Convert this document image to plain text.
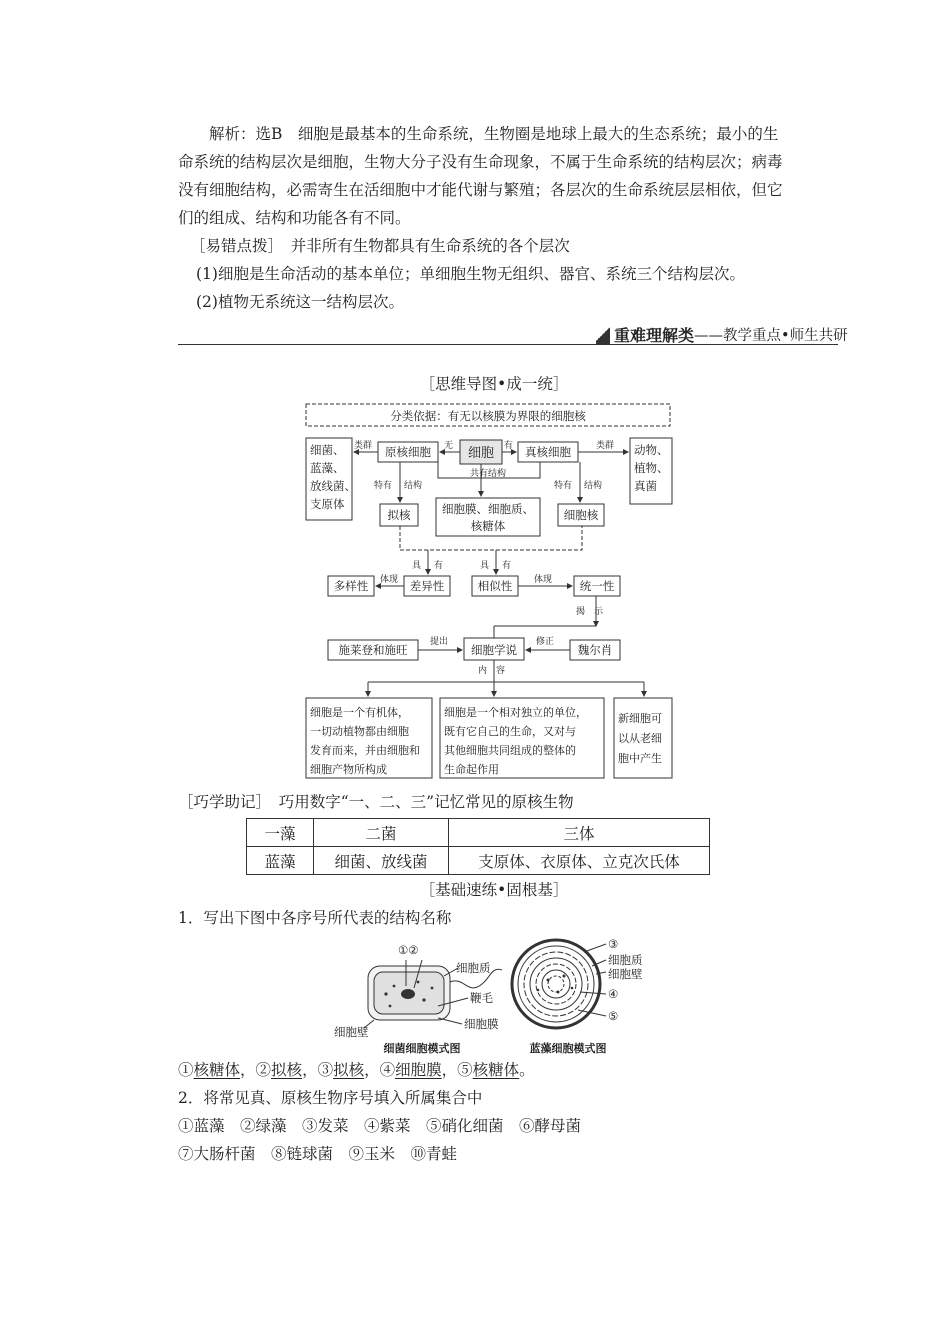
　　解析：选B　细胞是最基本的生命系统，生物圈是地球上最大的生态系统；最小的生

命系统的结构层次是细胞，生物大分子没有生命现象，不属于生命系统的结构层次；病毒

没有细胞结构，必需寄生在活细胞中才能代谢与繁殖；各层次的生命系统层层相依，但它

们的组成、结构和功能各有不同。

［易错点拨］　并非所有生物都具有生命系统的各个层次

(1)细胞是生命活动的基本单位；单细胞生物无组织、器官、系统三个结构层次。

(2)植物无系统这一结构层次。

重难理解类 ——教学重点•师生共研
［思维导图•成一统］
分类依据：有无以核膜为界限的细胞核
细菌、
蓝藻、
放线菌、
支原体
类群 原核细胞 无 细胞 有 真核细胞	类群 动物、
植物、
真菌
共有结构
特有 结构	特有 结构
拟核	细胞膜、细胞质、
核糖体
细胞核
具 有	具 有
多样性 体现 差异性	相似性 体现 统一性
揭　示
施莱登和施旺
提出
细胞学说
修正
魏尔肖
内　容
细胞是一个有机体，
一切动植物都由细胞
发育而来，并由细胞和
细胞产物所构成
细胞是一个相对独立的单位，
既有它自己的生命，又对与
其他细胞共同组成的整体的
生命起作用
新细胞可
以从老细
胞中产生

［巧学助记］　巧用数字“一、二、三”记忆常见的原核生物

一藻	二菌	三体
蓝藻	细菌、放线菌	支原体、衣原体、立克次氏体
［基础速练•固根基］

1．写出下图中各序号所代表的结构名称

①②
细胞质
鞭毛
细胞膜
细胞壁
细菌细胞模式图
③
细胞质
细胞壁
④
⑤
蓝藻细胞模式图

①核糖体，②拟核，③拟核，④细胞膜，⑤核糖体。

2．将常见真、原核生物序号填入所属集合中

①蓝藻　②绿藻　③发菜　④紫菜　⑤硝化细菌　⑥酵母菌

⑦大肠杆菌　⑧链球菌　⑨玉米　⑩青蛙
